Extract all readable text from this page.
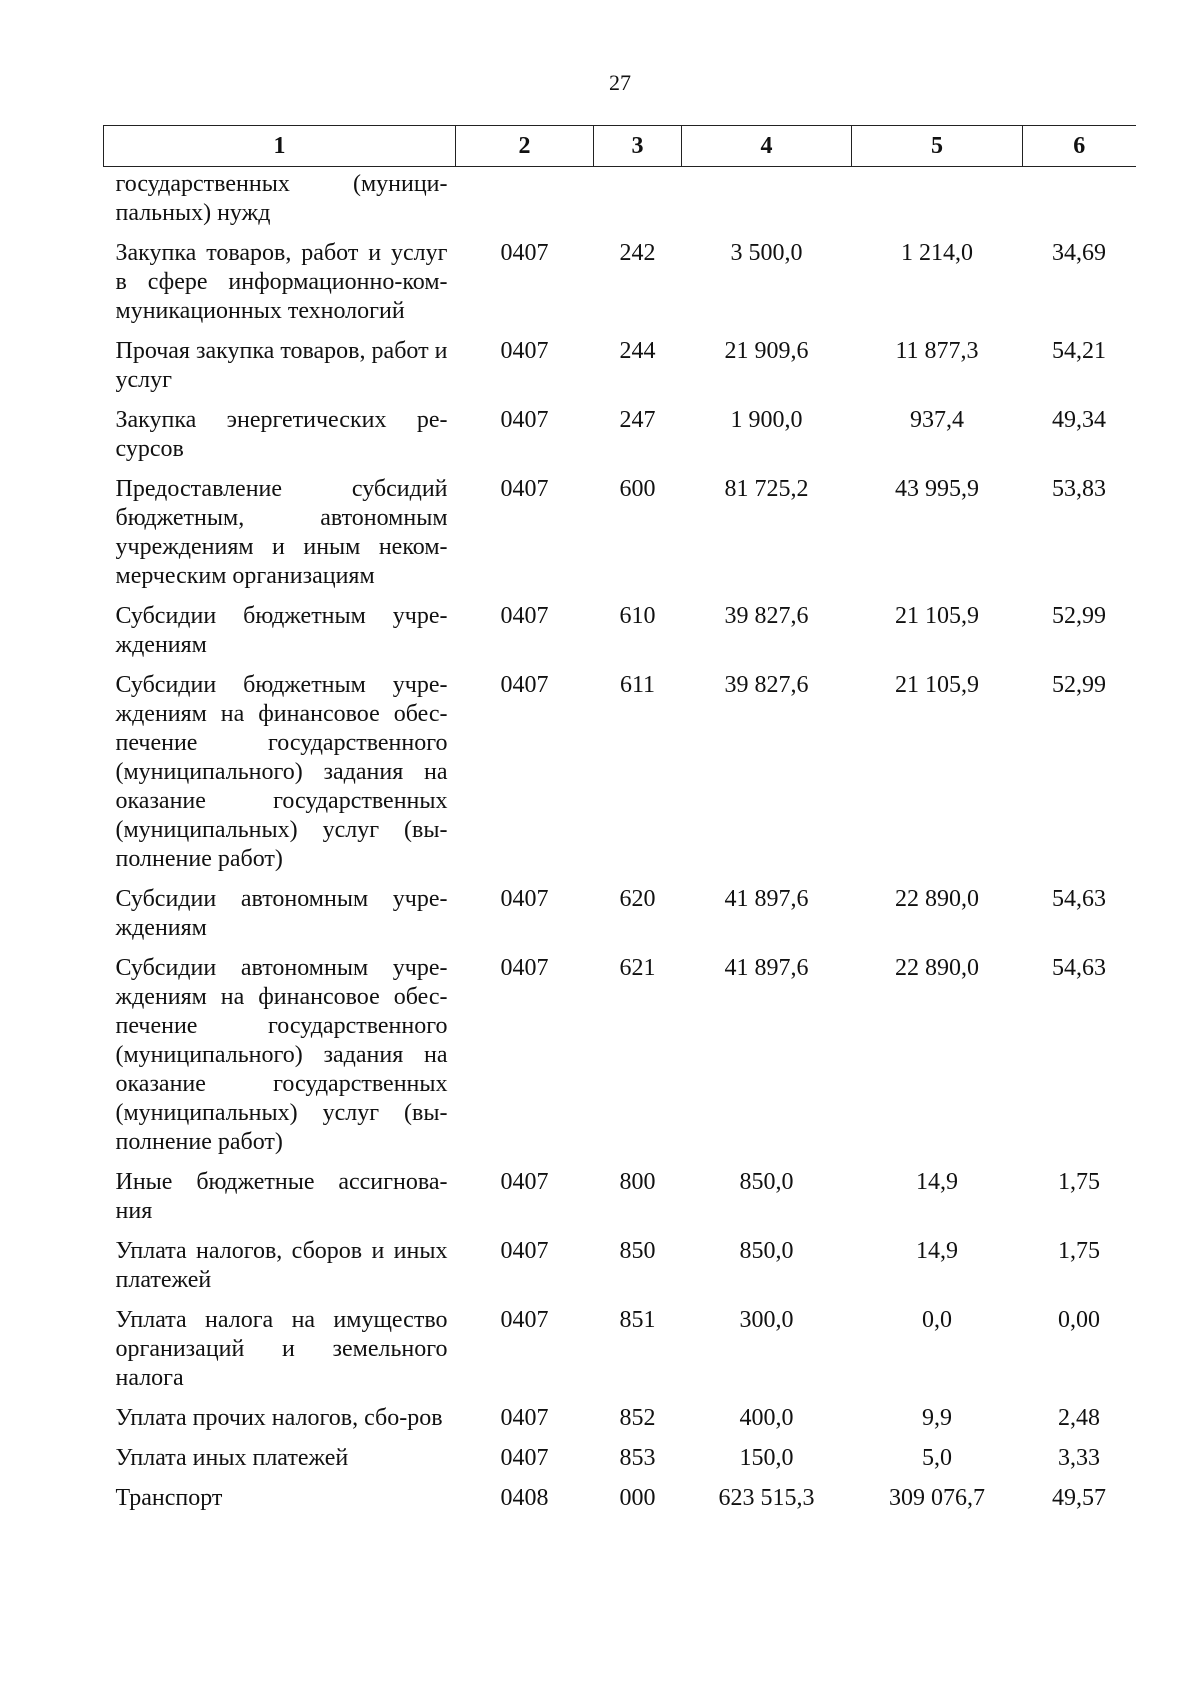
27
1	2	3	4	5	6
государственных (муници-пальных) нужд					
Закупка товаров, работ и услуг в сфере информационно-ком-муникационных технологий	0407	242	3 500,0	1 214,0	34,69
Прочая закупка товаров, работ и услуг	0407	244	21 909,6	11 877,3	54,21
Закупка энергетических ре-сурсов	0407	247	1 900,0	937,4	49,34
Предоставление субсидий бюджетным, автономным учреждениям и иным неком-мерческим организациям	0407	600	81 725,2	43 995,9	53,83
Субсидии бюджетным учре-ждениям	0407	610	39 827,6	21 105,9	52,99
Субсидии бюджетным учре-ждениям на финансовое обес-печение государственного (муниципального) задания на оказание государственных (муниципальных) услуг (вы-полнение работ)	0407	611	39 827,6	21 105,9	52,99
Субсидии автономным учре-ждениям	0407	620	41 897,6	22 890,0	54,63
Субсидии автономным учре-ждениям на финансовое обес-печение государственного (муниципального) задания на оказание государственных (муниципальных) услуг (вы-полнение работ)	0407	621	41 897,6	22 890,0	54,63
Иные бюджетные ассигнова-ния	0407	800	850,0	14,9	1,75
Уплата налогов, сборов и иных платежей	0407	850	850,0	14,9	1,75
Уплата налога на имущество организаций и земельного налога	0407	851	300,0	0,0	0,00
Уплата прочих налогов, сбо-ров	0407	852	400,0	9,9	2,48
Уплата иных платежей	0407	853	150,0	5,0	3,33
Транспорт	0408	000	623 515,3	309 076,7	49,57
